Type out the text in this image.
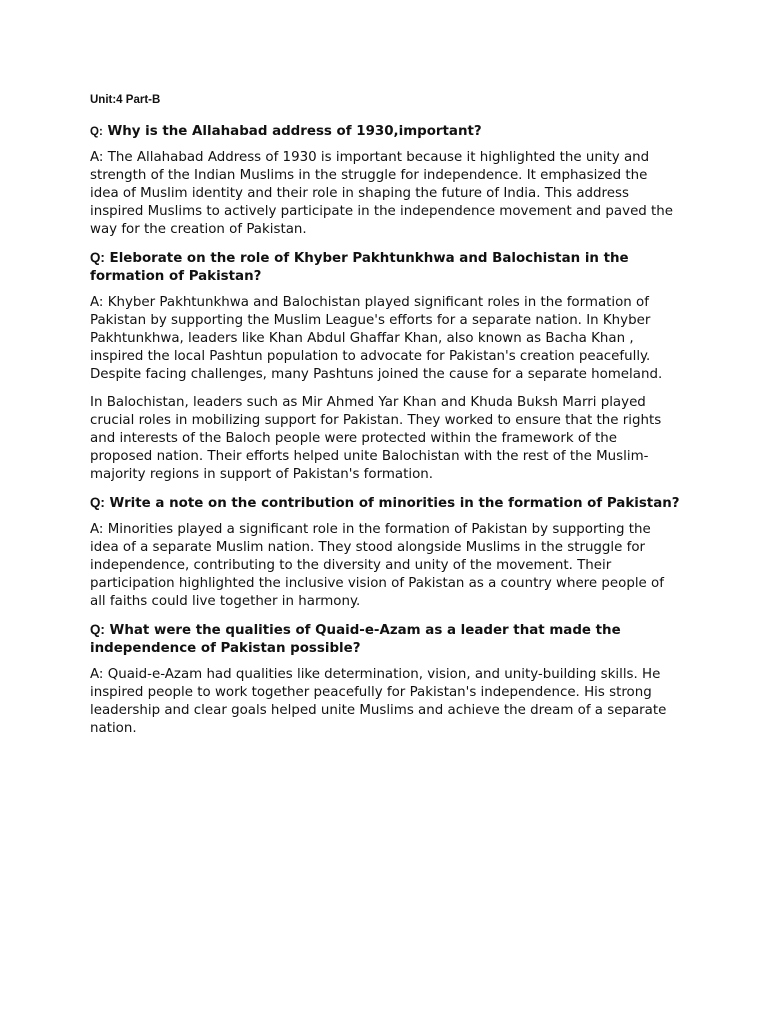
Unit:4 Part-B
Q: Why is the Allahabad address of 1930,important?

A: The Allahabad Address of 1930 is important because it highlighted the unity and strength of the Indian Muslims in the struggle for independence. It emphasized the idea of Muslim identity and their role in shaping the future of India. This address inspired Muslims to actively participate in the independence movement and paved the way for the creation of Pakistan.

Q: Eleborate on the role of Khyber Pakhtunkhwa and Balochistan in the formation of Pakistan?

A: Khyber Pakhtunkhwa and Balochistan played significant roles in the formation of Pakistan by supporting the Muslim League's efforts for a separate nation. In Khyber Pakhtunkhwa, leaders like Khan Abdul Ghaffar Khan, also known as Bacha Khan , inspired the local Pashtun population to advocate for Pakistan's creation peacefully. Despite facing challenges, many Pashtuns joined the cause for a separate homeland.

In Balochistan, leaders such as Mir Ahmed Yar Khan and Khuda Buksh Marri played crucial roles in mobilizing support for Pakistan. They worked to ensure that the rights and interests of the Baloch people were protected within the framework of the proposed nation. Their efforts helped unite Balochistan with the rest of the Muslim-majority regions in support of Pakistan's formation.

Q: Write a note on the contribution of minorities in the formation of Pakistan?

A: Minorities played a significant role in the formation of Pakistan by supporting the idea of a separate Muslim nation. They stood alongside Muslims in the struggle for independence, contributing to the diversity and unity of the movement. Their participation highlighted the inclusive vision of Pakistan as a country where people of all faiths could live together in harmony.

Q: What were the qualities of Quaid-e-Azam as a leader that made the independence of Pakistan possible?

A: Quaid-e-Azam had qualities like determination, vision, and unity-building skills. He inspired people to work together peacefully for Pakistan's independence. His strong leadership and clear goals helped unite Muslims and achieve the dream of a separate nation.
